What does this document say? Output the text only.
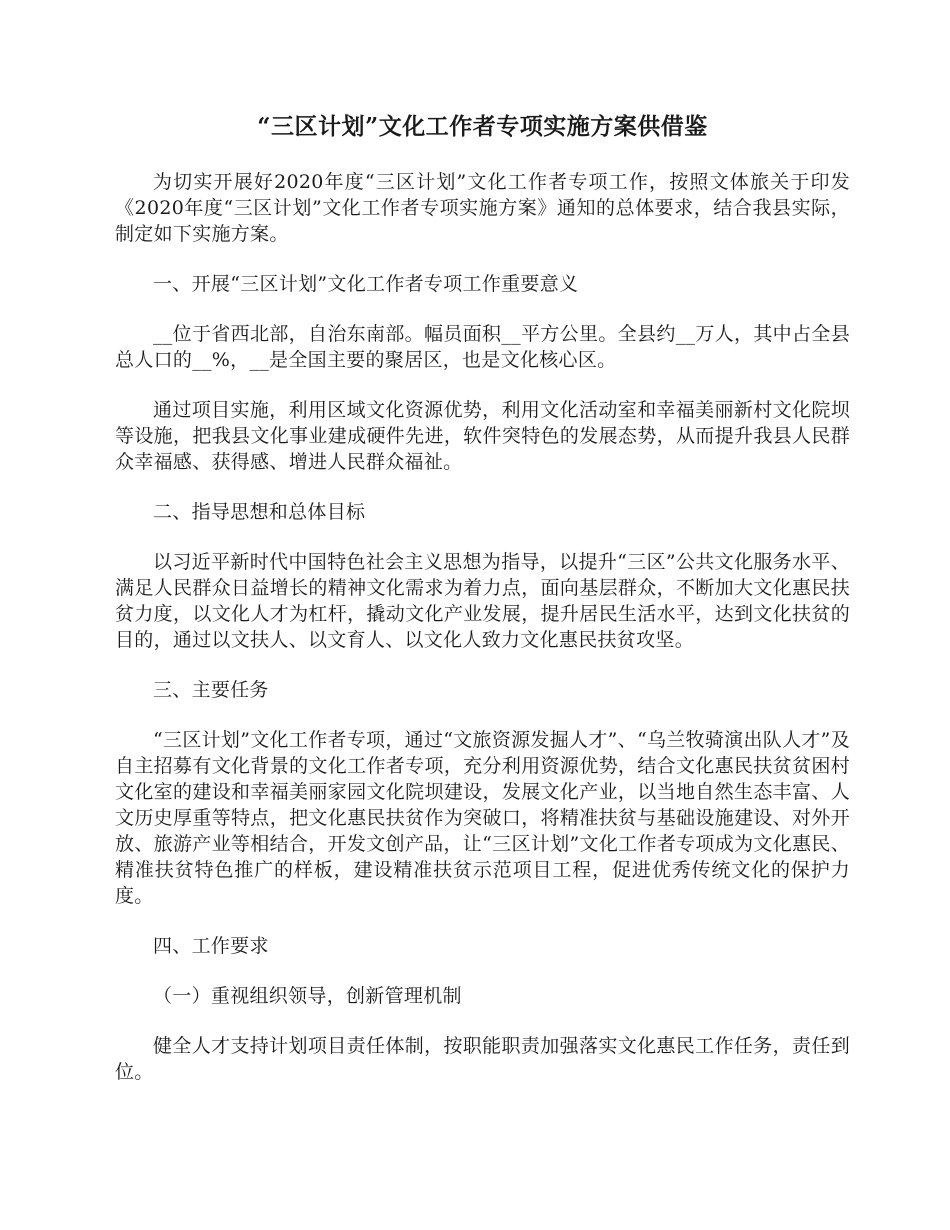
“三区计划”文化工作者专项实施方案供借鉴

为切实开展好2020年度“三区计划”文化工作者专项工作，按照文体旅关于印发《2020年度“三区计划”文化工作者专项实施方案》通知的总体要求，结合我县实际，制定如下实施方案。

一、开展“三区计划”文化工作者专项工作重要意义

__位于省西北部，自治东南部。幅员面积__平方公里。全县约__万人，其中占全县总人口的__%，__是全国主要的聚居区，也是文化核心区。

通过项目实施，利用区域文化资源优势，利用文化活动室和幸福美丽新村文化院坝等设施，把我县文化事业建成硬件先进，软件突特色的发展态势，从而提升我县人民群众幸福感、获得感、增进人民群众福祉。

二、指导思想和总体目标

以习近平新时代中国特色社会主义思想为指导，以提升“三区”公共文化服务水平、满足人民群众日益增长的精神文化需求为着力点，面向基层群众，不断加大文化惠民扶贫力度，以文化人才为杠杆，撬动文化产业发展，提升居民生活水平，达到文化扶贫的目的，通过以文扶人、以文育人、以文化人致力文化惠民扶贫攻坚。

三、主要任务

“三区计划”文化工作者专项，通过“文旅资源发掘人才”、“乌兰牧骑演出队人才”及自主招募有文化背景的文化工作者专项，充分利用资源优势，结合文化惠民扶贫贫困村文化室的建设和幸福美丽家园文化院坝建设，发展文化产业，以当地自然生态丰富、人文历史厚重等特点，把文化惠民扶贫作为突破口，将精准扶贫与基础设施建设、对外开放、旅游产业等相结合，开发文创产品，让“三区计划”文化工作者专项成为文化惠民、精准扶贫特色推广的样板，建设精准扶贫示范项目工程，促进优秀传统文化的保护力度。

四、工作要求

（一）重视组织领导，创新管理机制

健全人才支持计划项目责任体制，按职能职责加强落实文化惠民工作任务，责任到位。
